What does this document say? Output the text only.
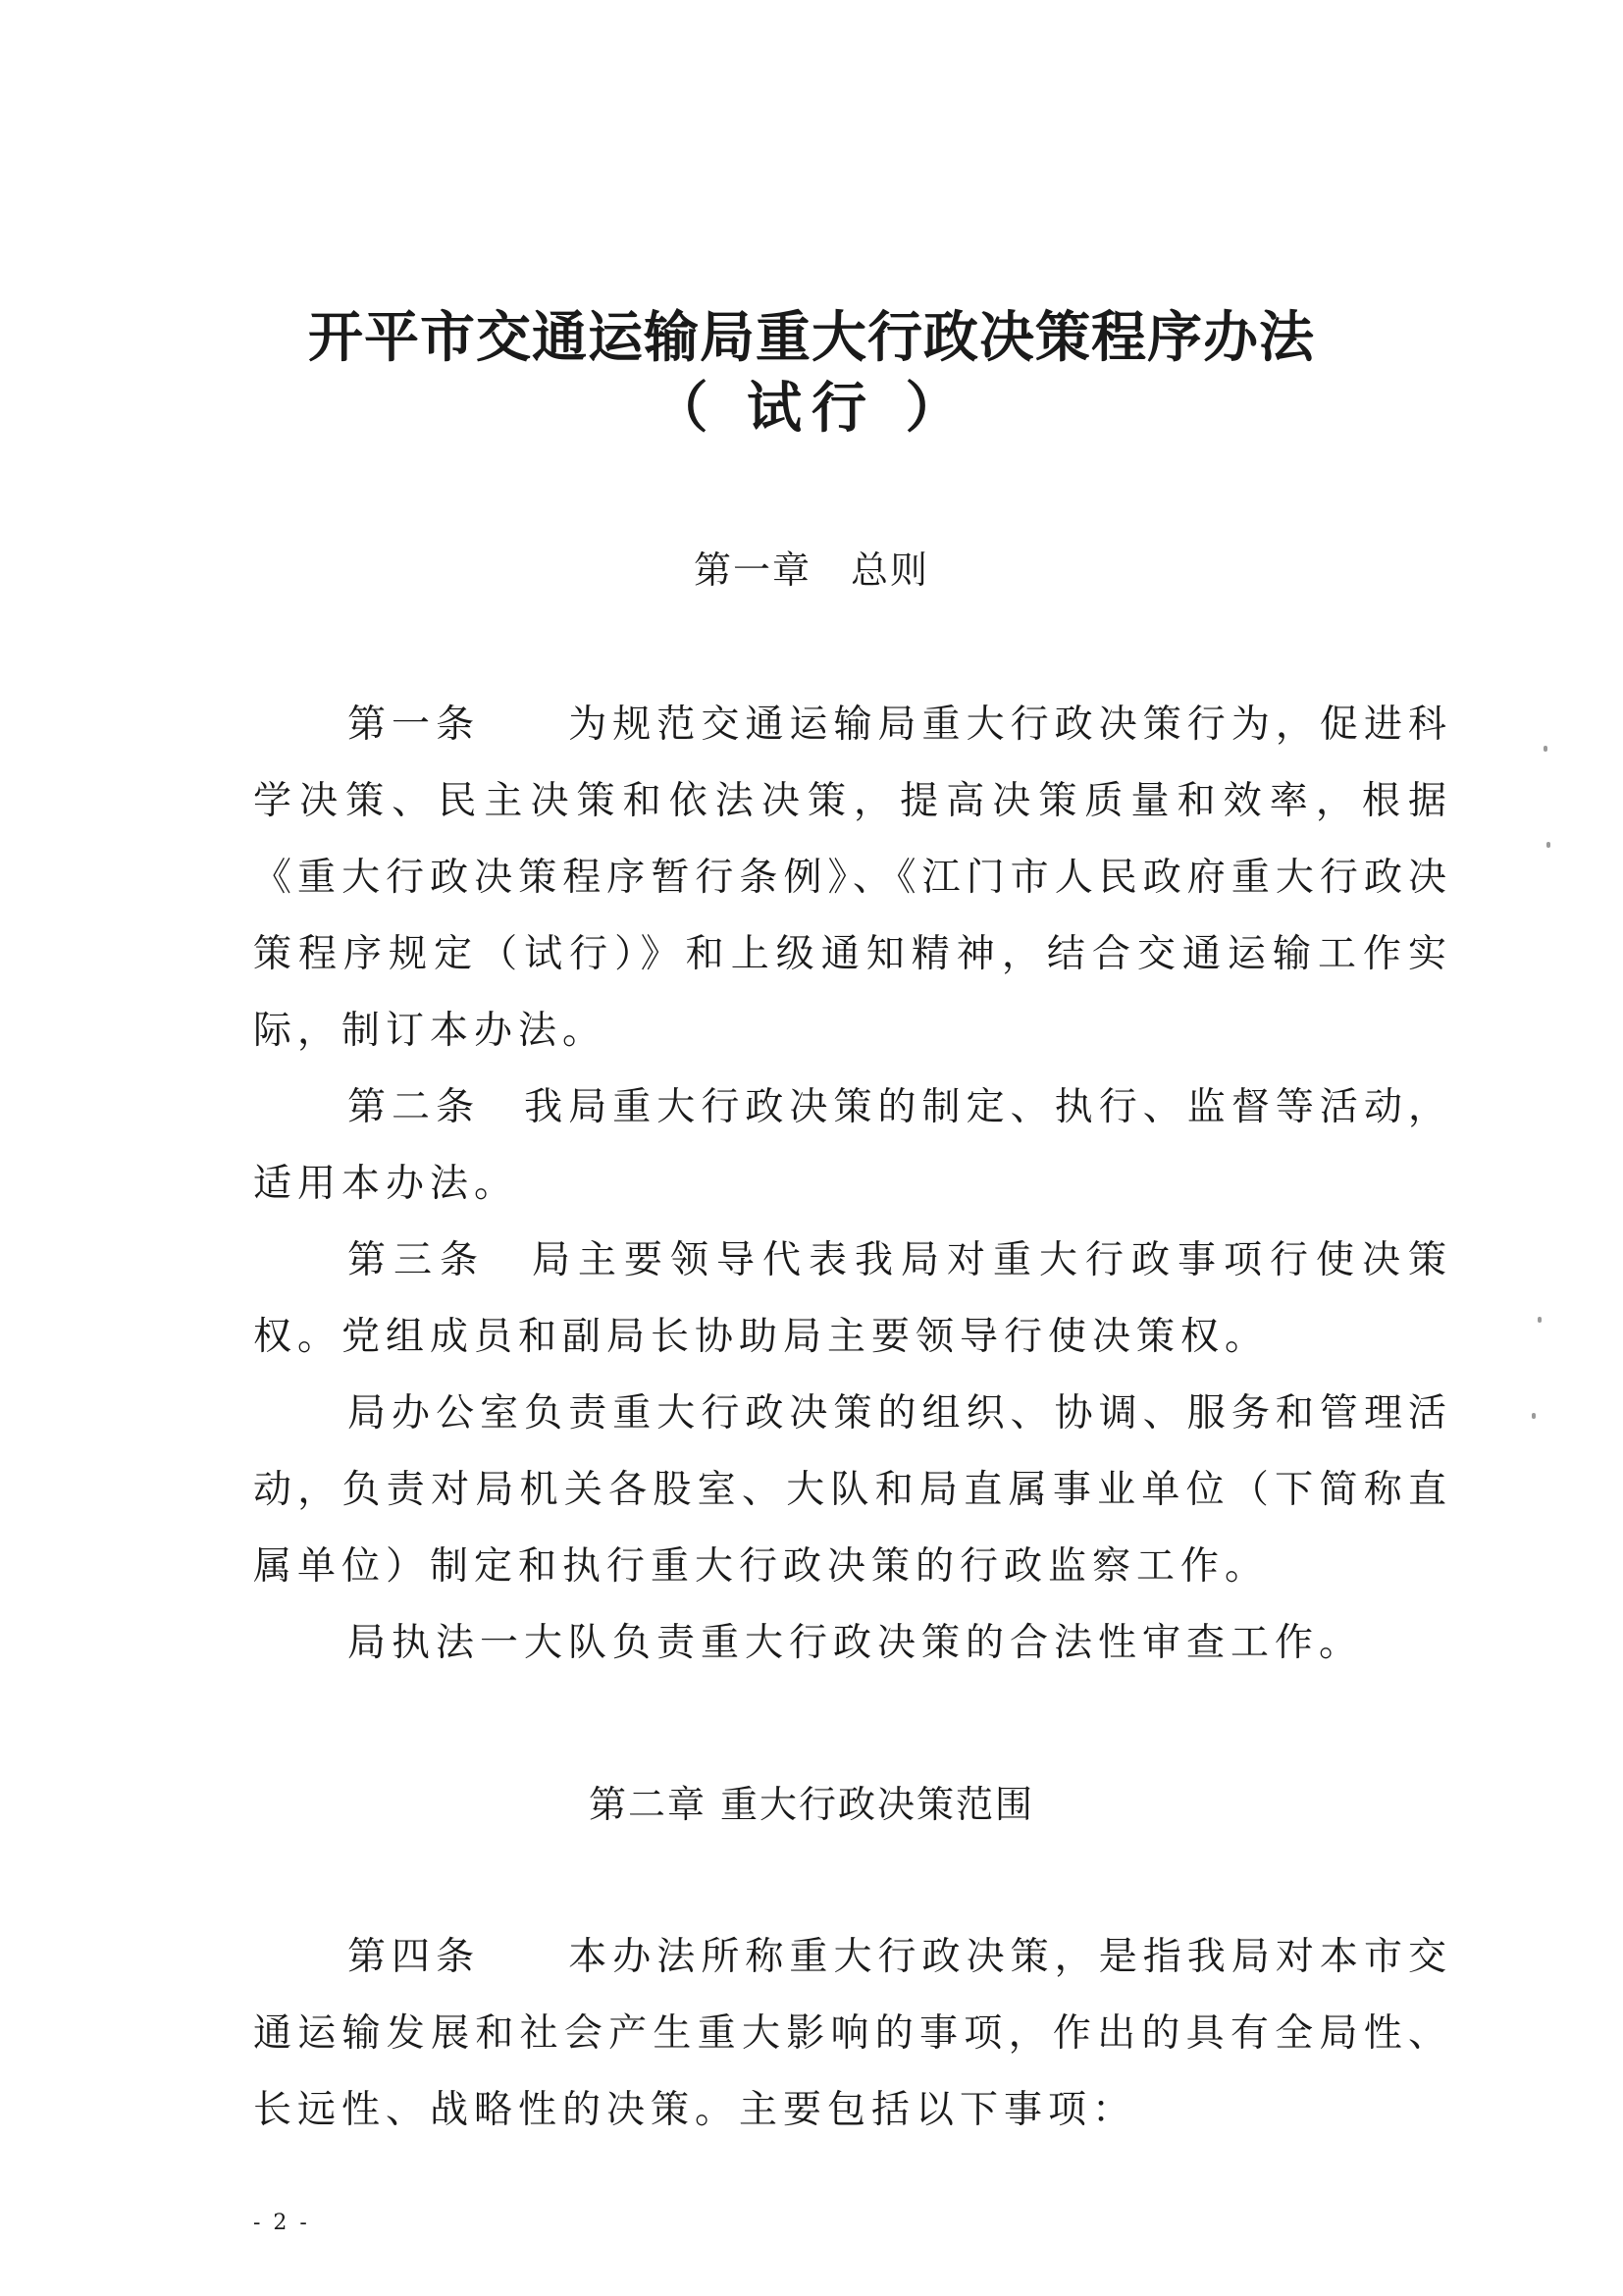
开平市交通运输局重大行政决策程序办法
（ 试行 ）
第一章　总则

第一条　　为规范交通运输局重大行政决策行为，促进科学决策、民主决策和依法决策，提高决策质量和效率，根据《重大行政决策程序暂行条例》、《江门市人民政府重大行政决策程序规定（试行）》和上级通知精神，结合交通运输工作实际，制订本办法。

第二条　我局重大行政决策的制定、执行、监督等活动，适用本办法。

第三条　局主要领导代表我局对重大行政事项行使决策权。党组成员和副局长协助局主要领导行使决策权。

局办公室负责重大行政决策的组织、协调、服务和管理活动，负责对局机关各股室、大队和局直属事业单位（下简称直属单位）制定和执行重大行政决策的行政监察工作。

局执法一大队负责重大行政决策的合法性审查工作。

第二章 重大行政决策范围

第四条　　本办法所称重大行政决策，是指我局对本市交通运输发展和社会产生重大影响的事项，作出的具有全局性、长远性、战略性的决策。主要包括以下事项：

- 2 -
